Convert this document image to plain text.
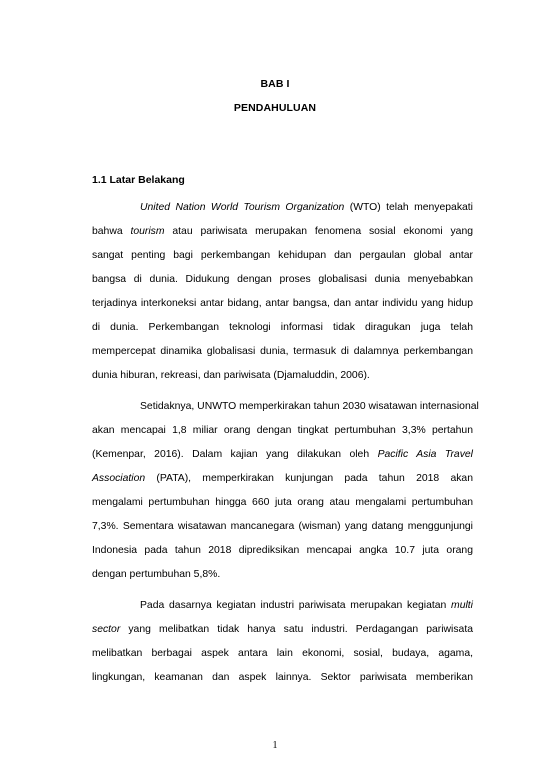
BAB I
PENDAHULUAN
1.1 Latar Belakang
United Nation World Tourism Organization (WTO) telah menyepakati
bahwa tourism atau pariwisata merupakan fenomena sosial ekonomi yang
sangat penting bagi perkembangan kehidupan dan pergaulan global antar
bangsa di dunia. Didukung dengan proses globalisasi dunia menyebabkan
terjadinya interkoneksi antar bidang, antar bangsa, dan antar individu yang hidup
di dunia. Perkembangan teknologi informasi tidak diragukan juga telah
mempercepat dinamika globalisasi dunia, termasuk di dalamnya perkembangan
dunia hiburan, rekreasi, dan pariwisata (Djamaluddin, 2006).
Setidaknya, UNWTO memperkirakan tahun 2030 wisatawan internasional
akan mencapai 1,8 miliar orang dengan tingkat pertumbuhan 3,3% pertahun
(Kemenpar, 2016). Dalam kajian yang dilakukan oleh Pacific Asia Travel
Association (PATA), memperkirakan kunjungan pada tahun 2018 akan
mengalami pertumbuhan hingga 660 juta orang atau mengalami pertumbuhan
7,3%. Sementara wisatawan mancanegara (wisman) yang datang menggunjungi
Indonesia pada tahun 2018 diprediksikan mencapai angka 10.7 juta orang
dengan pertumbuhan 5,8%.
Pada dasarnya kegiatan industri pariwisata merupakan kegiatan multi
sector yang melibatkan tidak hanya satu industri. Perdagangan pariwisata
melibatkan berbagai aspek antara lain ekonomi, sosial, budaya, agama,
lingkungan, keamanan dan aspek lainnya. Sektor pariwisata memberikan
1
